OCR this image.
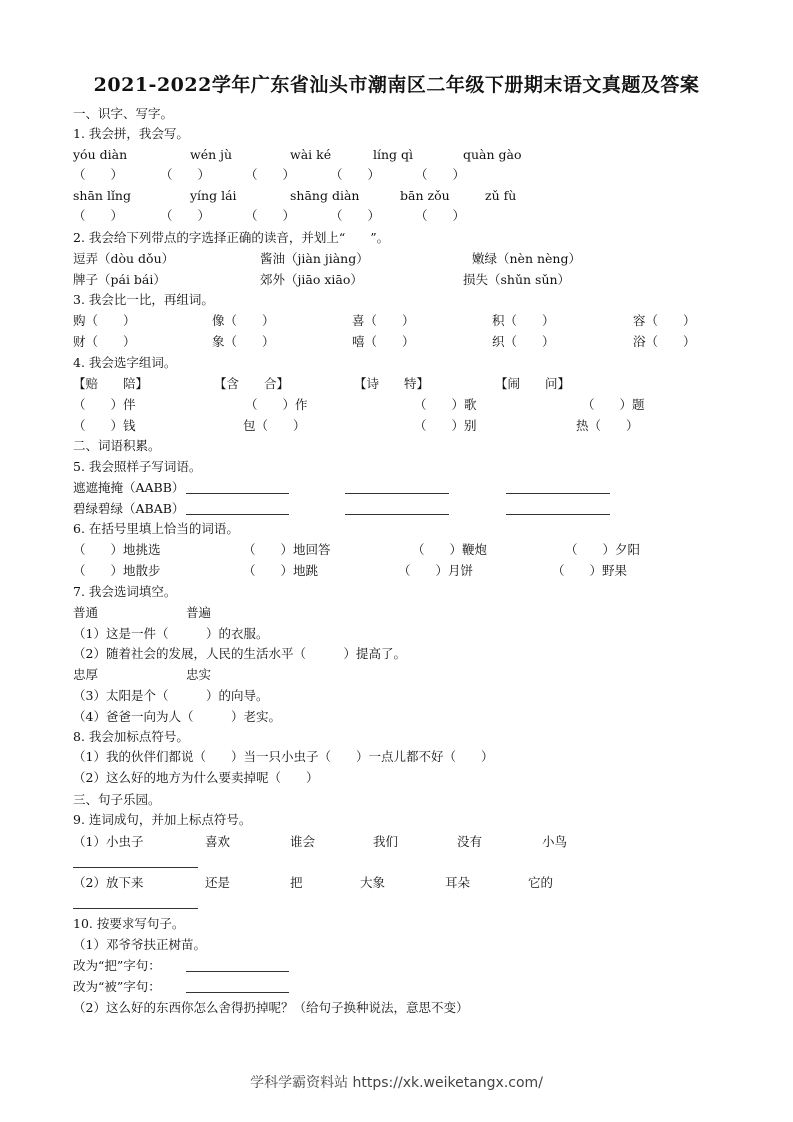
2021-2022学年广东省汕头市潮南区二年级下册期末语文真题及答案
一、识字、写字。
1. 我会拼，我会写。
yóu diàn	wén jù	wài ké	líng qì	quàn gào
（　　）	（　　）	（　　）	（　　）	（　　）
shān lǐng	yíng lái	shāng diàn	bān zǒu	zǔ fù
（　　）	（　　）	（　　）	（　　）	（　　）
2. 我会给下列带点的字选择正确的读音，并划上“　　”。
逗弄（dòu dǒu）	酱油（jiàn jiàng）	嫩绿（nèn nèng）
牌子（pái bái）	郊外（jiāo xiāo）	损失（shǔn sǔn）
3. 我会比一比，再组词。
购（　　）	像（　　）	喜（　　）	积（　　）	容（　　）
财（　　）	象（　　）	嘻（　　）	织（　　）	浴（　　）
4. 我会选字组词。
【赔　　陪】	【含　　合】	【诗　　特】	【闹　　问】
（　　）伴	（　　）作	（　　）歌	（　　）题
（　　）钱	包（　　）	（　　）别	热（　　）
二、词语积累。
5. 我会照样子写词语。
遮遮掩掩（AABB）
碧绿碧绿（ABAB）
6. 在括号里填上恰当的词语。
（　　）地挑选	（　　）地回答	（　　）鞭炮	（　　）夕阳
（　　）地散步	（　　）地跳	（　　）月饼	（　　）野果
7. 我会选词填空。
普通	普遍
（1）这是一件（　　　）的衣服。
（2）随着社会的发展，人民的生活水平（　　　）提高了。
忠厚	忠实
（3）太阳是个（　　　）的向导。
（4）爸爸一向为人（　　　）老实。
8. 我会加标点符号。
（1）我的伙伴们都说（　　）当一只小虫子（　　）一点儿都不好（　　）
（2）这么好的地方为什么要卖掉呢（　　）
三、句子乐园。
9. 连词成句，并加上标点符号。
（1）小虫子	喜欢	谁会	我们	没有	小鸟
（2）放下来	还是	把	大象	耳朵	它的
10. 按要求写句子。
（1）邓爷爷扶正树苗。
改为“把”字句：
改为“被”字句：
（2）这么好的东西你怎么舍得扔掉呢？（给句子换种说法，意思不变）
学科学霸资料站 https://xk.weiketangx.com/
